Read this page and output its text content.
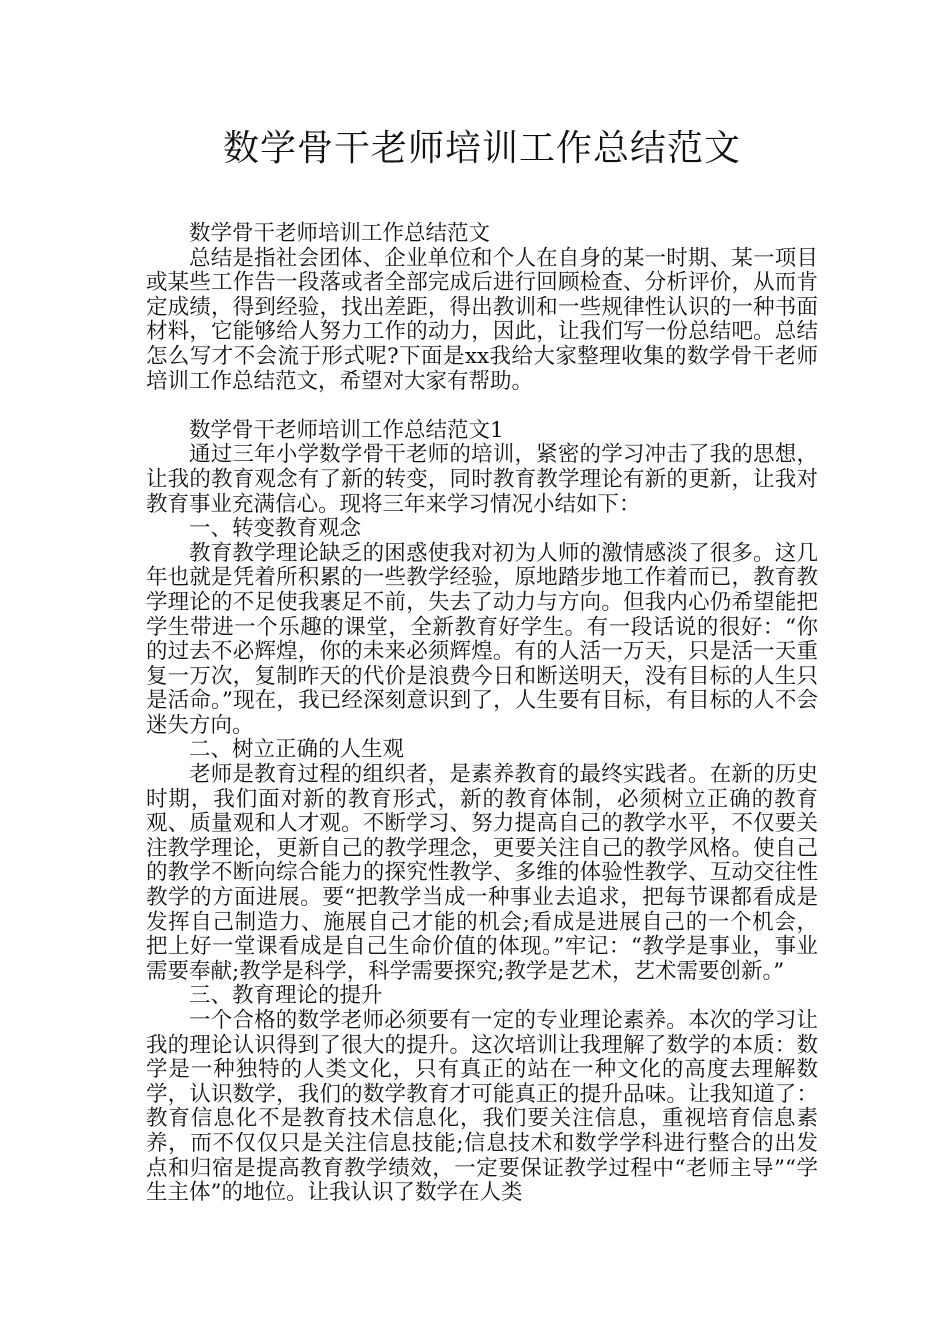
数学骨干老师培训工作总结范文

数学骨干老师培训工作总结范文

总结是指社会团体、企业单位和个人在自身的某一时期、某一项目或某些工作告一段落或者全部完成后进行回顾检查、分析评价，从而肯定成绩，得到经验，找出差距，得出教训和一些规律性认识的一种书面材料，它能够给人努力工作的动力，因此，让我们写一份总结吧。总结怎么写才不会流于形式呢?下面是xx我给大家整理收集的数学骨干老师培训工作总结范文，希望对大家有帮助。

数学骨干老师培训工作总结范文1

通过三年小学数学骨干老师的培训，紧密的学习冲击了我的思想，让我的教育观念有了新的转变，同时教育教学理论有新的更新，让我对教育事业充满信心。现将三年来学习情况小结如下：

一、转变教育观念

教育教学理论缺乏的困惑使我对初为人师的激情感淡了很多。这几年也就是凭着所积累的一些教学经验，原地踏步地工作着而已，教育教学理论的不足使我裹足不前，失去了动力与方向。但我内心仍希望能把学生带进一个乐趣的课堂，全新教育好学生。有一段话说的很好：“你的过去不必辉煌，你的未来必须辉煌。有的人活一万天，只是活一天重复一万次，复制昨天的代价是浪费今日和断送明天，没有目标的人生只是活命。”现在，我已经深刻意识到了，人生要有目标，有目标的人不会迷失方向。

二、树立正确的人生观

老师是教育过程的组织者，是素养教育的最终实践者。在新的历史时期，我们面对新的教育形式，新的教育体制，必须树立正确的教育观、质量观和人才观。不断学习、努力提高自己的教学水平，不仅要关注教学理论，更新自己的教学理念，更要关注自己的教学风格。使自己的教学不断向综合能力的探究性教学、多维的体验性教学、互动交往性教学的方面进展。要“把教学当成一种事业去追求，把每节课都看成是发挥自己制造力、施展自己才能的机会;看成是进展自己的一个机会，把上好一堂课看成是自己生命价值的体现。”牢记：“教学是事业，事业需要奉献;教学是科学，科学需要探究;教学是艺术，艺术需要创新。”

三、教育理论的提升

一个合格的数学老师必须要有一定的专业理论素养。本次的学习让我的理论认识得到了很大的提升。这次培训让我理解了数学的本质：数学是一种独特的人类文化，只有真正的站在一种文化的高度去理解数学，认识数学，我们的数学教育才可能真正的提升品味。让我知道了：教育信息化不是教育技术信息化，我们要关注信息，重视培育信息素养，而不仅仅只是关注信息技能;信息技术和数学学科进行整合的出发点和归宿是提高教育教学绩效，一定要保证教学过程中“老师主导”“学生主体”的地位。让我认识了数学在人类
